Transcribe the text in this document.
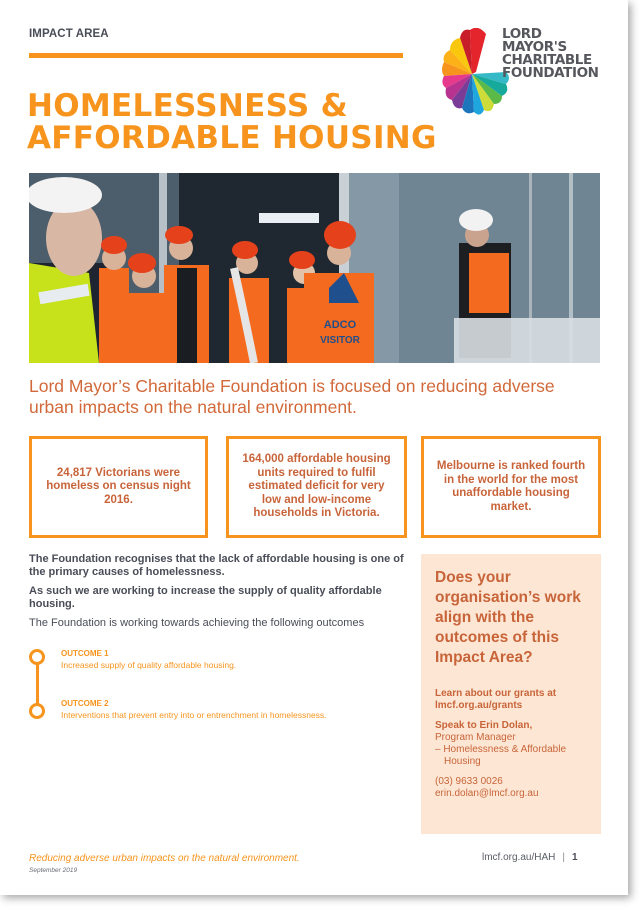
IMPACT AREA
HOMELESSNESS &
AFFORDABLE HOUSING
LORD
MAYOR'S
CHARITABLE
FOUNDATION
ADCO
VISITOR
Lord Mayor’s Charitable Foundation is focused on reducing adverse urban impacts on the natural environment.

24,817 Victorians were homeless on census night 2016.

164,000 affordable housing units required to fulfil estimated deficit for very low and low-income households in Victoria.

Melbourne is ranked fourth in the world for the most unaffordable housing market.

The Foundation recognises that the lack of affordable housing is one of the primary causes of homelessness.

As such we are working to increase the supply of quality affordable housing.

The Foundation is working towards achieving the following outcomes

OUTCOME 1
Increased supply of quality affordable housing.
OUTCOME 2
Interventions that prevent entry into or entrenchment in homelessness.
Does your organisation’s work align with the outcomes of this Impact Area?
Learn about our grants at
lmcf.org.au/grants
Speak to Erin Dolan,
Program Manager
– Homelessness & Affordable
Housing
(03) 9633 0026
erin.dolan@lmcf.org.au
Reducing adverse urban impacts on the natural environment.
September 2019
lmcf.org.au/HAH | 1
